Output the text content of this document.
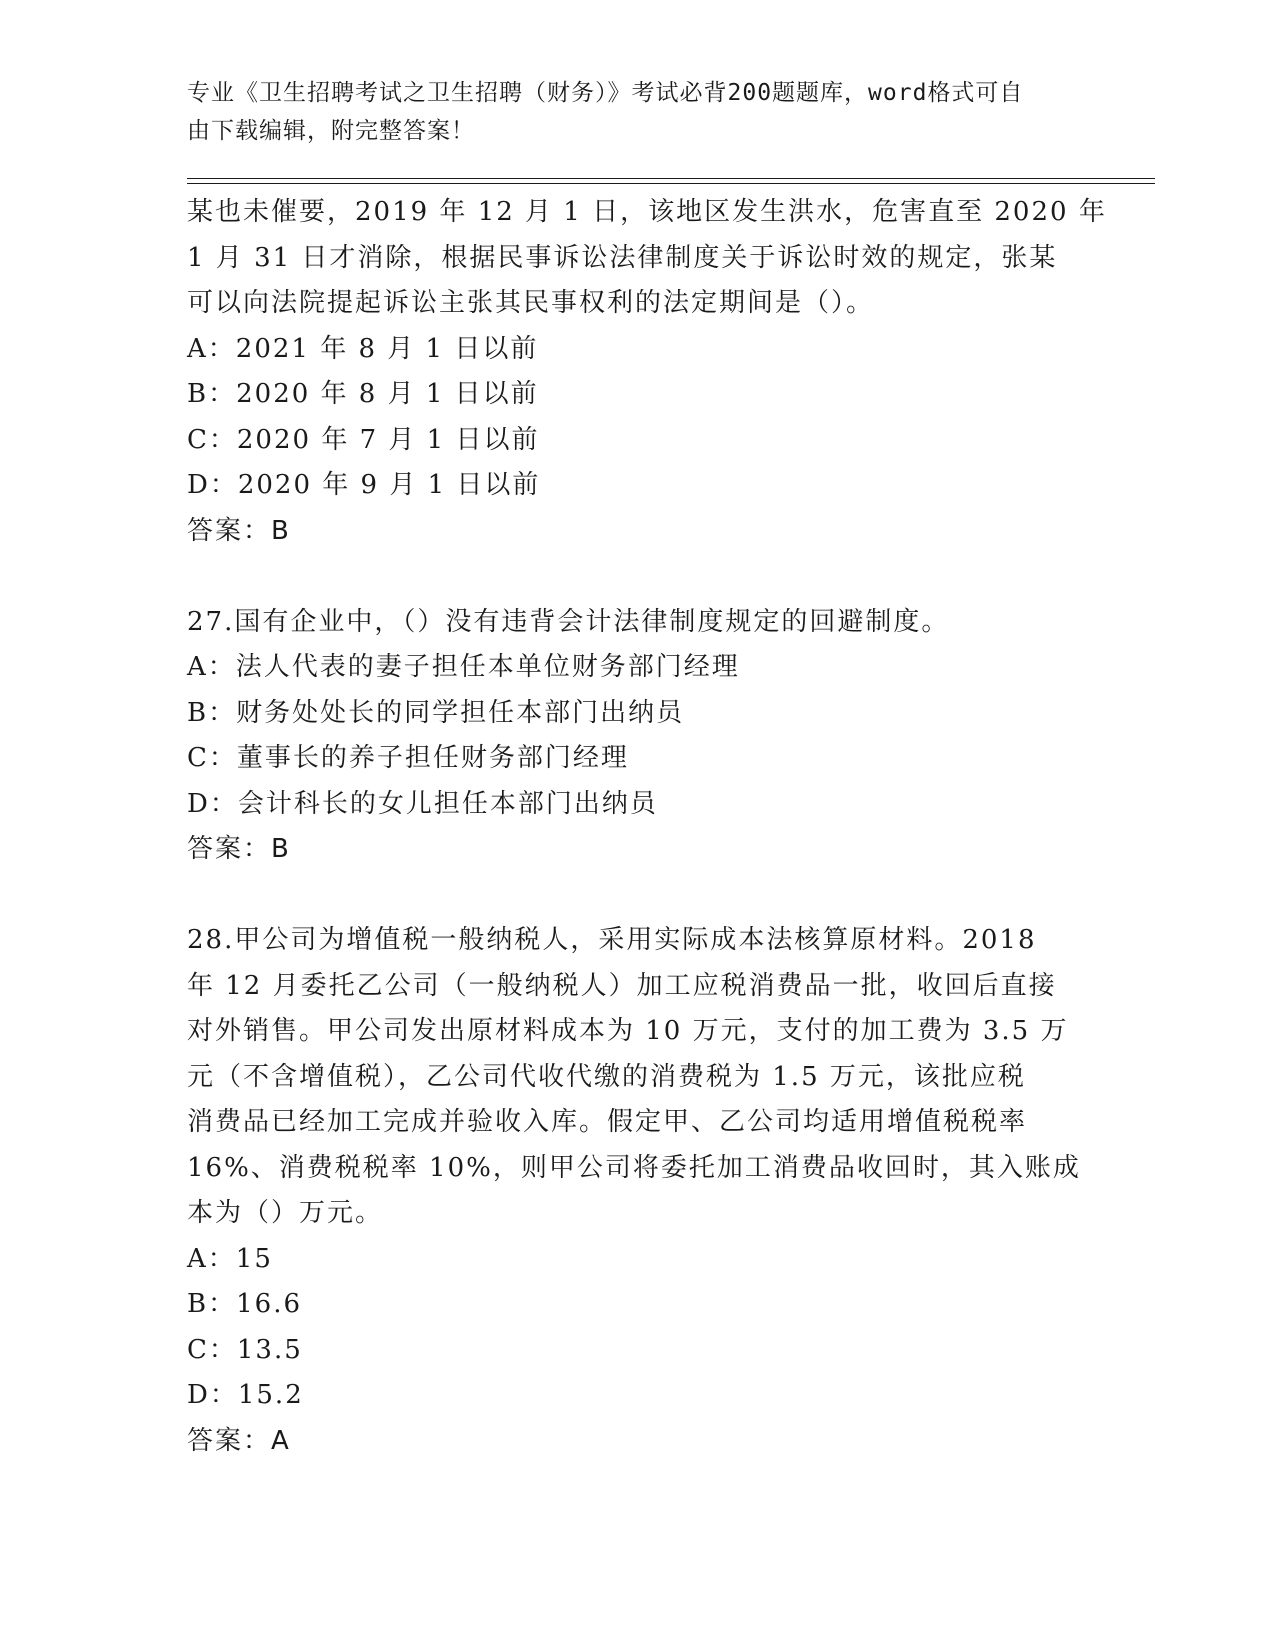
专业《卫生招聘考试之卫生招聘（财务）》考试必背200题题库，word格式可自
由下载编辑，附完整答案！
某也未催要，2019 年 12 月 1 日，该地区发生洪水，危害直至 2020 年
1 月 31 日才消除，根据民事诉讼法律制度关于诉讼时效的规定，张某
可以向法院提起诉讼主张其民事权利的法定期间是（）。
A：2021 年 8 月 1 日以前
B：2020 年 8 月 1 日以前
C：2020 年 7 月 1 日以前
D：2020 年 9 月 1 日以前
答案：B
27.国有企业中，（）没有违背会计法律制度规定的回避制度。
A：法人代表的妻子担任本单位财务部门经理
B：财务处处长的同学担任本部门出纳员
C：董事长的养子担任财务部门经理
D：会计科长的女儿担任本部门出纳员
答案：B
28.甲公司为增值税一般纳税人，采用实际成本法核算原材料。2018
年 12 月委托乙公司（一般纳税人）加工应税消费品一批，收回后直接
对外销售。甲公司发出原材料成本为 10 万元，支付的加工费为 3.5 万
元（不含增值税），乙公司代收代缴的消费税为 1.5 万元，该批应税
消费品已经加工完成并验收入库。假定甲、乙公司均适用增值税税率
16%、消费税税率 10%，则甲公司将委托加工消费品收回时，其入账成
本为（）万元。
A：15
B：16.6
C：13.5
D：15.2
答案：A
